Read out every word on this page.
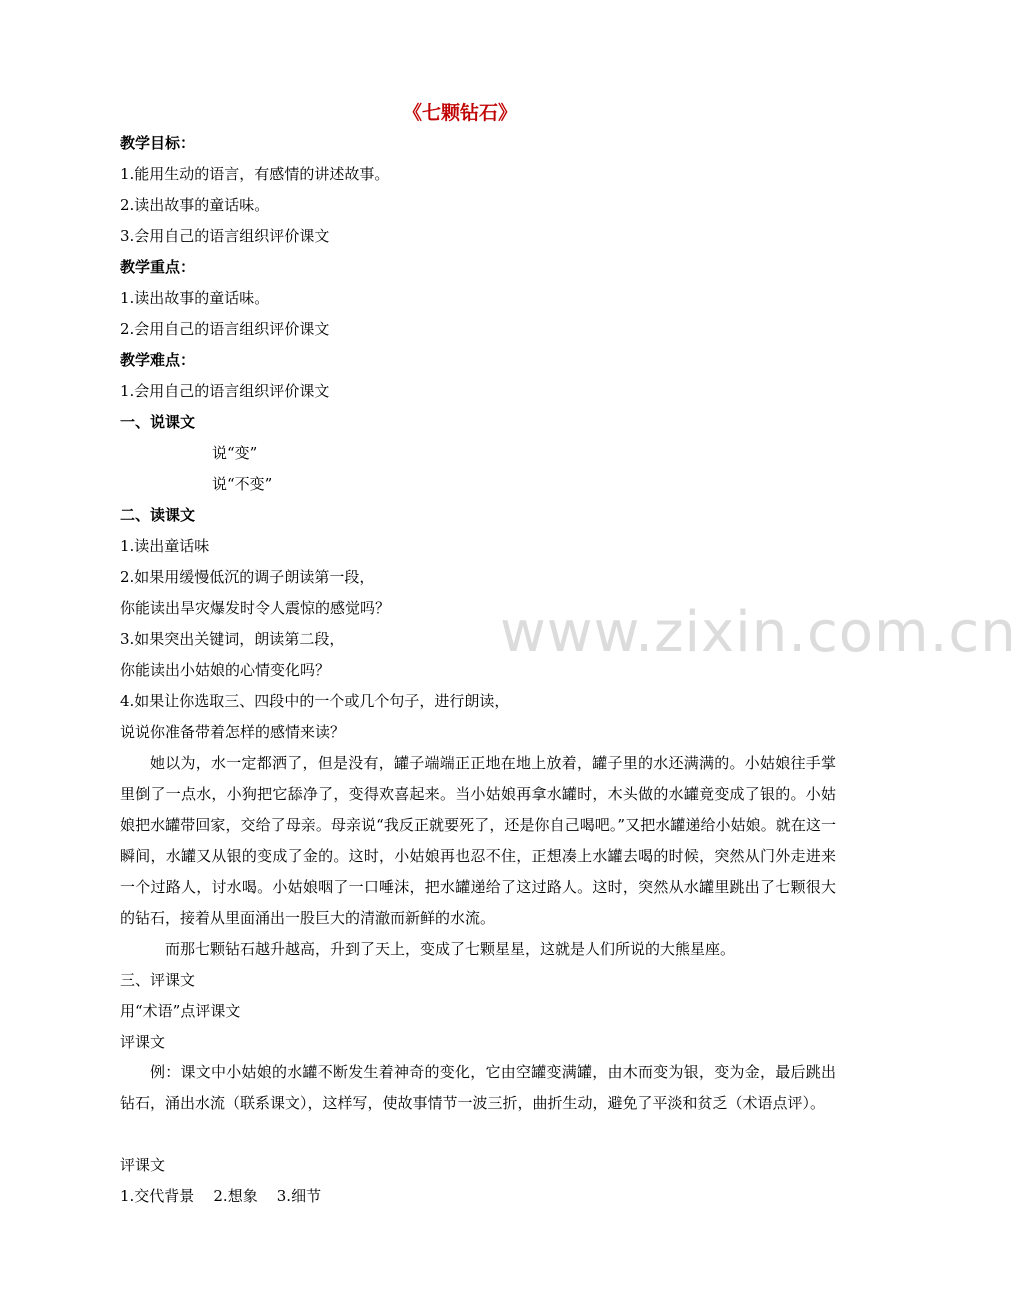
www.zixin.com.cn
《七颗钻石》
教学目标：
1.能用生动的语言，有感情的讲述故事。
2.读出故事的童话味。
3.会用自己的语言组织评价课文
教学重点：
1.读出故事的童话味。
2.会用自己的语言组织评价课文
教学难点：
1.会用自己的语言组织评价课文
一、说课文
说“变”
说“不变”
二、读课文
1.读出童话味
2.如果用缓慢低沉的调子朗读第一段，
你能读出旱灾爆发时令人震惊的感觉吗？
3.如果突出关键词，朗读第二段，
你能读出小姑娘的心情变化吗？
4.如果让你选取三、四段中的一个或几个句子，进行朗读，
说说你准备带着怎样的感情来读？
她以为，水一定都洒了，但是没有，罐子端端正正地在地上放着，罐子里的水还满满的。小姑娘往手掌里倒了一点水，小狗把它舔净了，变得欢喜起来。当小姑娘再拿水罐时，木头做的水罐竟变成了银的。小姑娘把水罐带回家，交给了母亲。母亲说“我反正就要死了，还是你自己喝吧。”又把水罐递给小姑娘。就在这一瞬间，水罐又从银的变成了金的。这时，小姑娘再也忍不住，正想凑上水罐去喝的时候，突然从门外走进来一个过路人，讨水喝。小姑娘咽了一口唾沫，把水罐递给了这过路人。这时，突然从水罐里跳出了七颗很大的钻石，接着从里面涌出一股巨大的清澈而新鲜的水流。
而那七颗钻石越升越高，升到了天上，变成了七颗星星，这就是人们所说的大熊星座。
三、评课文
用“术语”点评课文
评课文
例：课文中小姑娘的水罐不断发生着神奇的变化，它由空罐变满罐，由木而变为银，变为金，最后跳出钻石，涌出水流（联系课文），这样写，使故事情节一波三折，曲折生动，避免了平淡和贫乏（术语点评）。
评课文
1.交代背景    2.想象    3.细节
